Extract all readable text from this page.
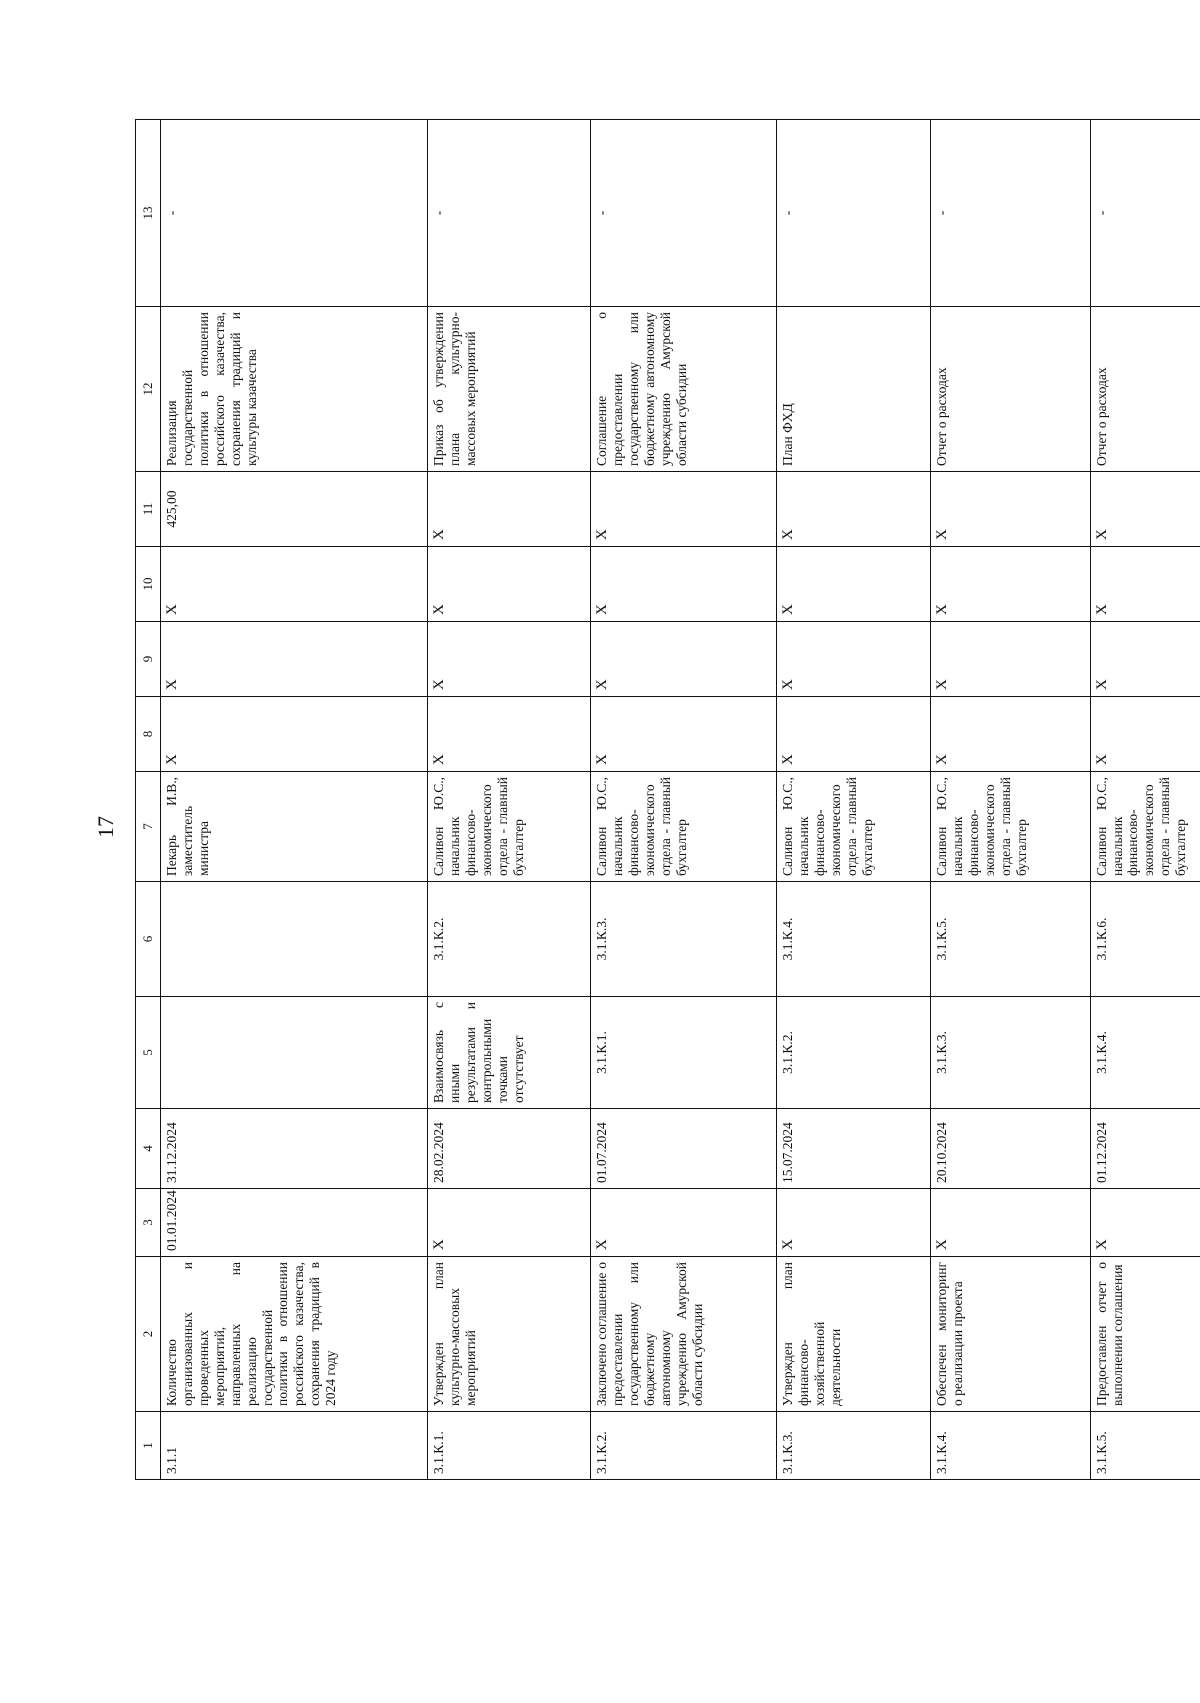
17
1	2	3	4	5	6	7	8	9	10	11	12	13
3.1.1	Количество организованных и проведенных мероприятий, направленных на реализацию государственной политики в отношении российского казачества, сохранения традиций в 2024 году	01.01.2024	31.12.2024			Пекарь И.В., заместитель министра	X	X	X	425,00	Реализация государственной политики в отношении российского казачества, сохранения традиций и культуры казачества	-
3.1.К.1.	Утвержден план культурно-массовых мероприятий	X	28.02.2024	Взаимосвязь с иными результатами и контрольными точками отсутствует	3.1.К.2.	Саливон Ю.С., начальник финансово-экономического отдела - главный бухгалтер	X	X	X	X	Приказ об утверждении плана культурно-массовых мероприятий	-
3.1.К.2.	Заключено соглашение о предоставлении государственному или бюджетному автономному учреждению Амурской области субсидии	X	01.07.2024	3.1.К.1.	3.1.К.3.	Саливон Ю.С., начальник финансово-экономического отдела - главный бухгалтер	X	X	X	X	Соглашение о предоставлении государственному или бюджетному автономному учреждению Амурской области субсидии	-
3.1.К.3.	Утвержден план финансово-хозяйственной деятельности	X	15.07.2024	3.1.К.2.	3.1.К.4.	Саливон Ю.С., начальник финансово-экономического отдела - главный бухгалтер	X	X	X	X	План ФХД	-
3.1.К.4.	Обеспечен мониторинг о реализации проекта	X	20.10.2024	3.1.К.3.	3.1.К.5.	Саливон Ю.С., начальник финансово-экономического отдела - главный бухгалтер	X	X	X	X	Отчет о расходах	-
3.1.К.5.	Предоставлен отчет о выполнении соглашения	X	01.12.2024	3.1.К.4.	3.1.К.6.	Саливон Ю.С., начальник финансово-экономического отдела - главный бухгалтер	X	X	X	X	Отчет о расходах	-
